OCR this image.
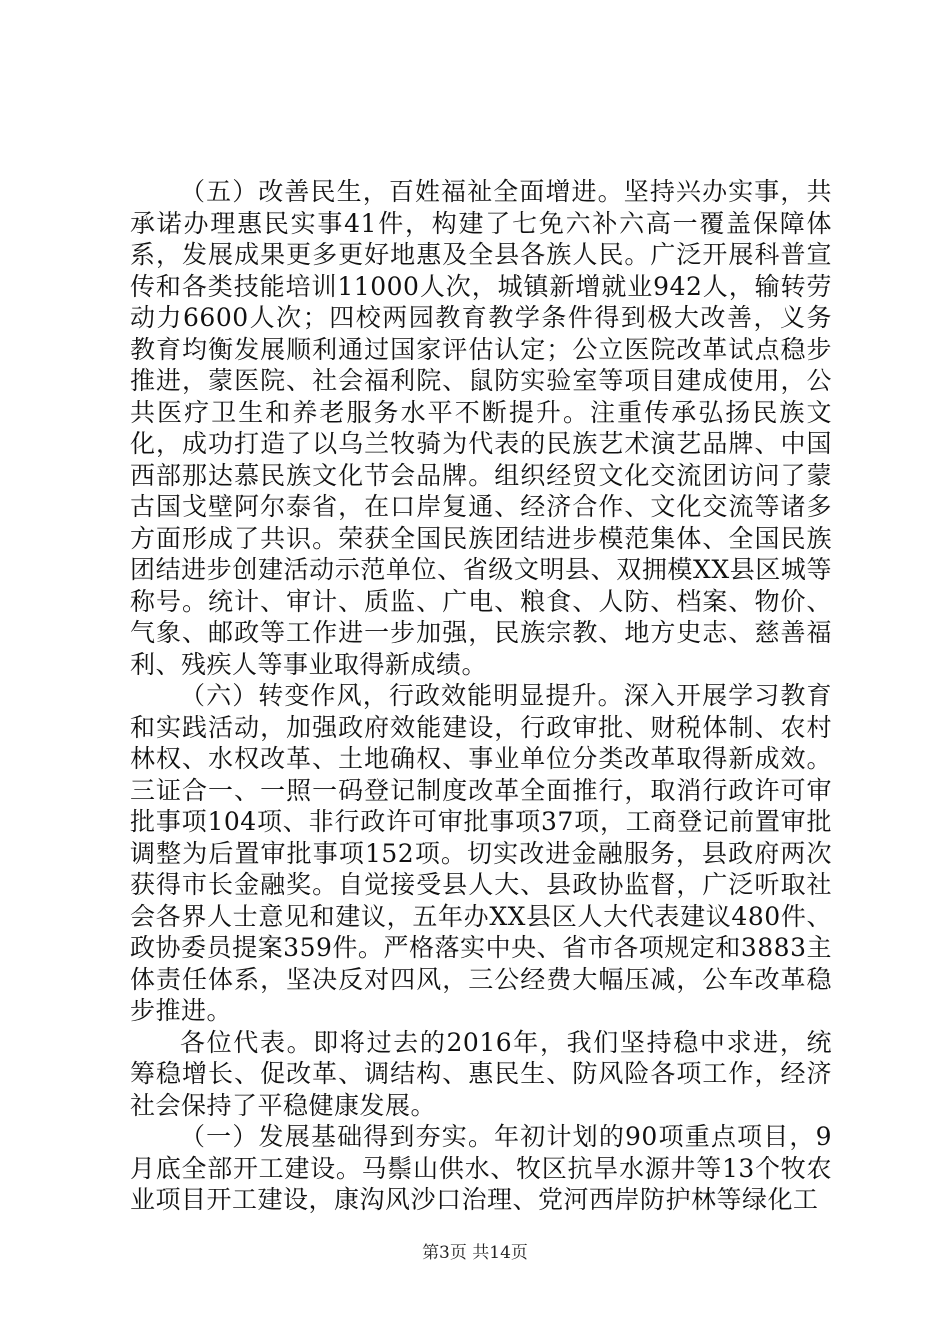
（五）改善民生，百姓福祉全面增进。坚持兴办实事，共承诺办理惠民实事41件，构建了七免六补六高一覆盖保障体系，发展成果更多更好地惠及全县各族人民。广泛开展科普宣传和各类技能培训11000人次，城镇新增就业942人，输转劳动力6600人次；四校两园教育教学条件得到极大改善，义务教育均衡发展顺利通过国家评估认定；公立医院改革试点稳步推进，蒙医院、社会福利院、鼠防实验室等项目建成使用，公共医疗卫生和养老服务水平不断提升。注重传承弘扬民族文化，成功打造了以乌兰牧骑为代表的民族艺术演艺品牌、中国西部那达慕民族文化节会品牌。组织经贸文化交流团访问了蒙古国戈壁阿尔泰省，在口岸复通、经济合作、文化交流等诸多方面形成了共识。荣获全国民族团结进步模范集体、全国民族团结进步创建活动示范单位、省级文明县、双拥模XX县区城等称号。统计、审计、质监、广电、粮食、人防、档案、物价、气象、邮政等工作进一步加强，民族宗教、地方史志、慈善福利、残疾人等事业取得新成绩。

（六）转变作风，行政效能明显提升。深入开展学习教育和实践活动，加强政府效能建设，行政审批、财税体制、农村林权、水权改革、土地确权、事业单位分类改革取得新成效。三证合一、一照一码登记制度改革全面推行，取消行政许可审批事项104项、非行政许可审批事项37项，工商登记前置审批调整为后置审批事项152项。切实改进金融服务，县政府两次获得市长金融奖。自觉接受县人大、县政协监督，广泛听取社会各界人士意见和建议，五年办XX县区人大代表建议480件、政协委员提案359件。严格落实中央、省市各项规定和3883主体责任体系，坚决反对四风，三公经费大幅压减，公车改革稳步推进。

各位代表。即将过去的2016年，我们坚持稳中求进，统筹稳增长、促改革、调结构、惠民生、防风险各项工作，经济社会保持了平稳健康发展。

（一）发展基础得到夯实。年初计划的90项重点项目，9月底全部开工建设。马鬃山供水、牧区抗旱水源井等13个牧农业项目开工建设，康沟风沙口治理、党河西岸防护林等绿化工

第3页 共14页
